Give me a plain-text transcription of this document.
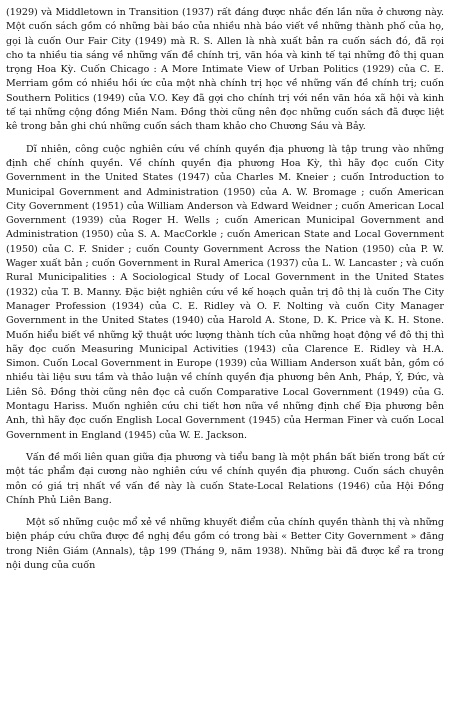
(1929) và Middletown in Transition (1937) rất đáng được nhắc đến lần nữa ở chương này. Một cuốn sách gồm có những bài báo của nhiều nhà báo viết về những thành phố của họ, gọi là cuốn Our Fair City (1949) mà R. S. Allen là nhà xuất bản ra cuốn sách đó, đã rọi cho ta nhiều tia sáng về những vấn đề chính trị, văn hóa và kinh tế tại những đô thị quan trọng Hoa Kỳ. Cuốn Chicago : A More Intimate View of Urban Politics (1929) của C. E. Merriam gồm có nhiều hồi ức của một nhà chính trị học về những vấn đề chính trị; cuốn Southern Politics (1949) của V.O. Key đã gợi cho chính trị với nền văn hóa xã hội và kinh tế tại những cộng đồng Miền Nam. Đồng thời cũng nên đọc những cuốn sách đã được liệt kê trong bản ghi chú những cuốn sách tham khảo cho Chương Sáu và Bảy.

Dĩ nhiên, công cuộc nghiên cứu về chính quyền địa phương là tập trung vào những định chế chính quyền. Về chính quyền địa phương Hoa Kỳ, thì hãy đọc cuốn City Government in the United States (1947) của Charles M. Kneier ; cuốn Introduction to Municipal Government and Administration (1950) của A. W. Bromage ; cuốn American City Government (1951) của William Anderson và Edward Weidner ; cuốn American Local Government (1939) của Roger H. Wells ; cuốn American Municipal Government and Administration (1950) của S. A. MacCorkle ; cuốn American State and Local Government (1950) của C. F. Snider ; cuốn County Government Across the Nation (1950) của P. W. Wager xuất bản ; cuốn Government in Rural America (1937) của L. W. Lancaster ; và cuốn Rural Municipalities : A Sociological Study of Local Government in the United States (1932) của T. B. Manny. Đặc biệt nghiên cứu về kế hoạch quản trị đô thị là cuốn The City Manager Profession (1934) của C. E. Ridley và O. F. Nolting và cuốn City Manager Government in the United States (1940) của Harold A. Stone, D. K. Price và K. H. Stone. Muốn hiểu biết về những kỹ thuật ước lượng thành tích của những hoạt động về đô thị thì hãy đọc cuốn Measuring Municipal Activities (1943) của Clarence E. Ridley và H.A. Simon. Cuốn Local Government in Europe (1939) của William Anderson xuất bản, gồm có nhiều tài liệu sưu tầm và thảo luận về chính quyền địa phương bên Anh, Pháp, Ý, Đức, và Liên Sô. Đồng thời cũng nên đọc cả cuốn Comparative Local Government (1949) của G. Montagu Hariss. Muốn nghiên cứu chi tiết hơn nữa về những định chế Địa phương bên Anh, thì hãy đọc cuốn English Local Government (1945) của Herman Finer và cuốn Local Government in England (1945) của W. E. Jackson.

Vấn đề mối liên quan giữa địa phương và tiểu bang là một phần bất biến trong bất cứ một tác phẩm đại cương nào nghiên cứu về chính quyền địa phương. Cuốn sách chuyên môn có giá trị nhất về vấn đề này là cuốn State-Local Relations (1946) của Hội Đồng Chính Phủ Liên Bang.

Một số những cuộc mổ xẻ về những khuyết điểm của chính quyền thành thị và những biện pháp cứu chữa được đề nghị đều gồm có trong bài « Better City Government » đăng trong Niên Giám (Annals), tập 199 (Tháng 9, năm 1938). Những bài đã được kể ra trong nội dung của cuốn
